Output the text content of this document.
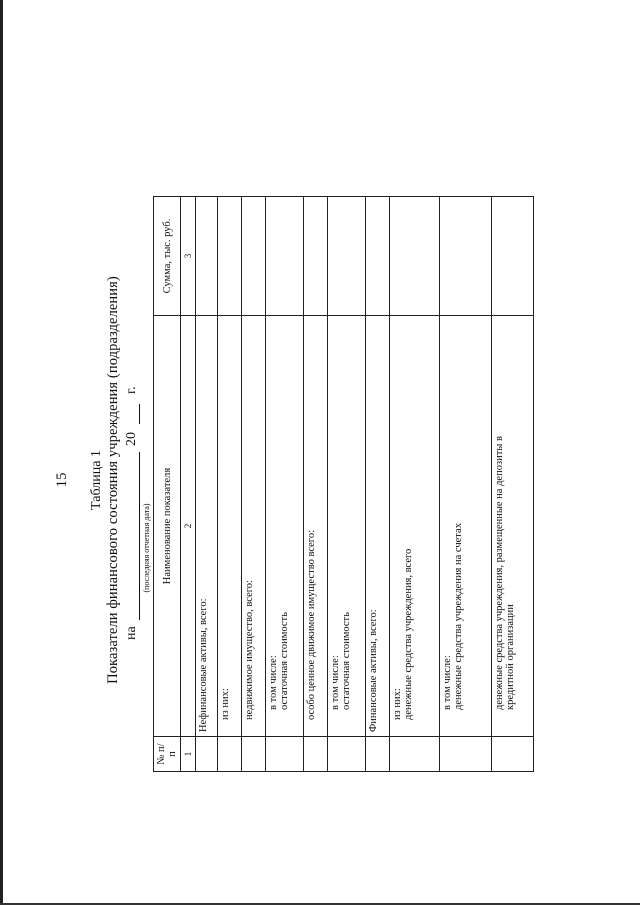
15 Таблица 1 Показатели финансового состояния учреждения (подразделения) на
20
г.
(последняя отчетная дата)
№ п/п	Наименование показателя	Сумма, тыс. руб.
1	2	3
	Нефинансовые активы, всего:	

	из них:	

	недвижимое имущество, всего:	

	в том числе: остаточная стоимость	

	особо ценное движимое имущество всего:	

	в том числе: остаточная стоимость	

	Финансовые активы, всего:	

	из них: денежные средства учреждения, всего	

	в том числе: денежные средства учреждения на счетах	

	денежные средства учреждения, размещенные на депозиты в кредитной организации	
